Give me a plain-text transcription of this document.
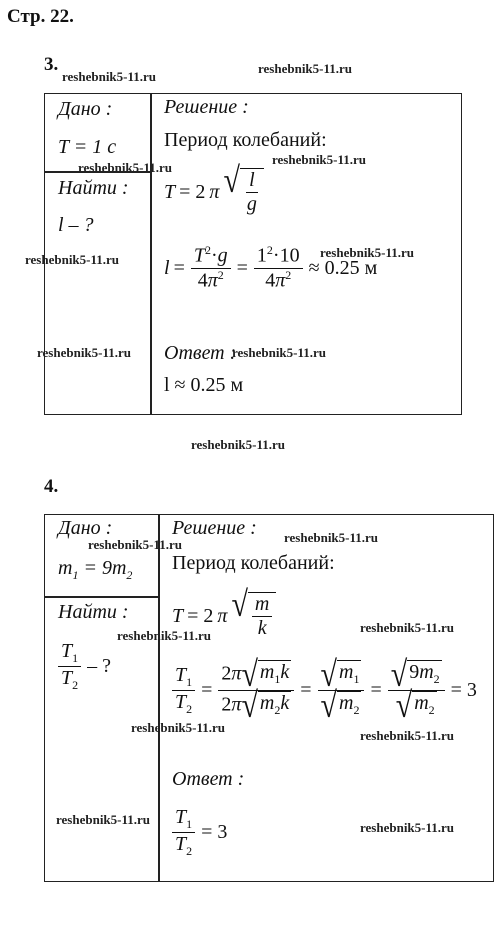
Стр. 22.
3.
Дано :
T = 1 c
Найти :
l – ?
Решение :
Период колебаний:
T = 2 π √ $\frac{l}{g}$
$l = \frac{T^2\cdot g}{4\pi^2} = \frac{1^2\cdot 10}{4\pi^2} \approx 0.25$ м
Ответ :
l ≈ 0.25 м
4.
Дано :
$m_1 = 9m_2$
Найти :
$\frac{T_1}{T_2}$ – ?
Решение :
Период колебаний:
T = 2 π √ $\frac{m}{k}$
$\frac{T_1}{T_2} = \frac{2\pi √ m_1k}{2\pi √ m_2k} = \frac{√ m_1}{√ m_2} = \frac{√ 9m_2}{√ m_2} = 3$
Ответ :
$\frac{T_1}{T_2} = 3$
reshebnik5-11.ru
reshebnik5-11.ru
reshebnik5-11.ru
reshebnik5-11.ru
reshebnik5-11.ru	reshebnik5-11.ru
reshebnik5-11.ru	reshebnik5-11.ru
reshebnik5-11.ru
reshebnik5-11.ru
reshebnik5-11.ru
reshebnik5-11.ru
reshebnik5-11.ru
reshebnik5-11.ru
reshebnik5-11.ru
reshebnik5-11.ru
reshebnik5-11.ru
